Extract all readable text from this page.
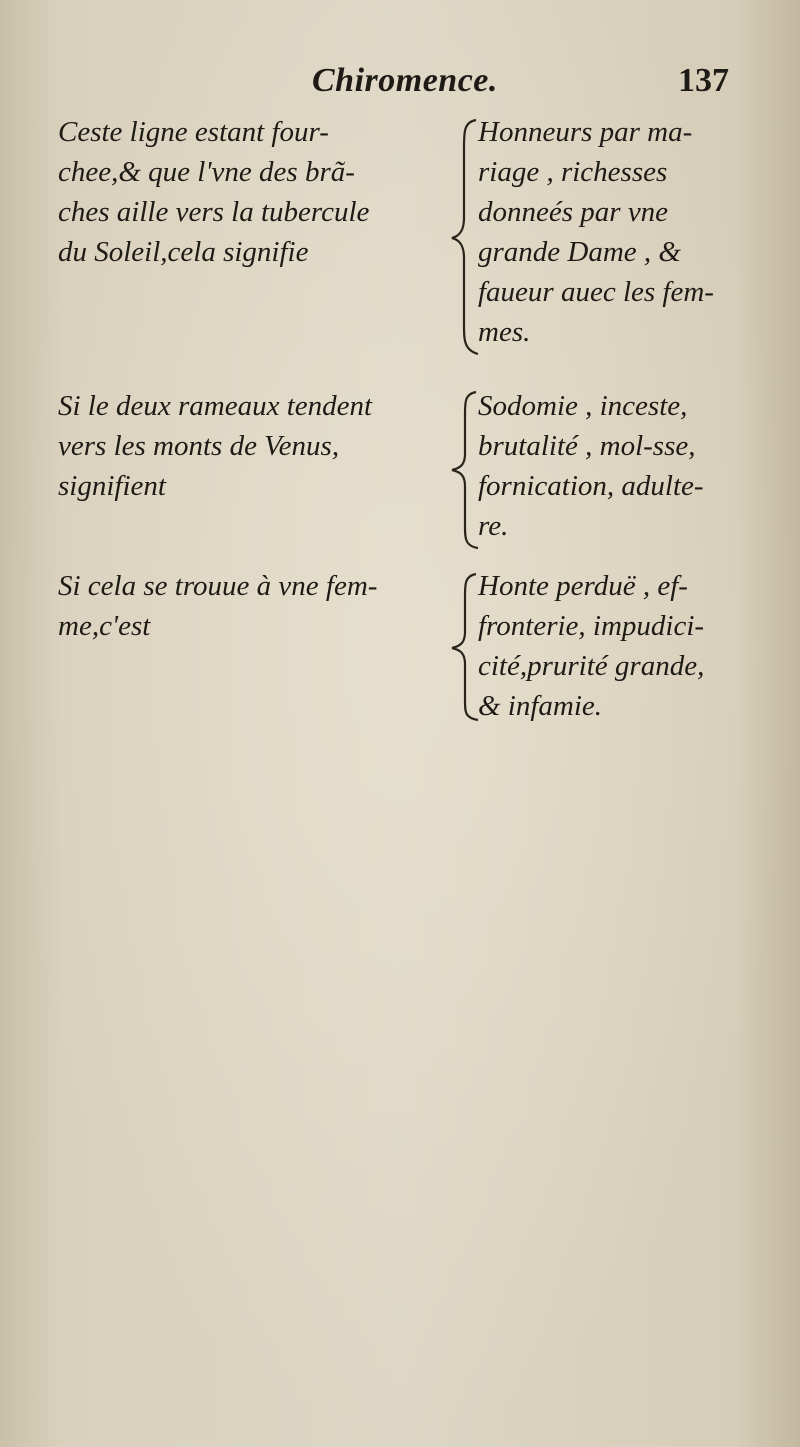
Chiromence.	137
Ceste ligne estant four-
chee,& que l'vne des brã-
ches aille vers la tubercule
du Soleil,cela signifie
Honneurs par ma-
riage , richesses
donneés par vne
grande Dame , &
faueur auec les fem-
mes.
Si le deux rameaux tendent
vers les monts de Venus,
signifient
Sodomie , inceste,
brutalité , mol-sse,
fornication, adulte-
re.
Si cela se trouue à vne fem-
me,c'est
Honte perduë , ef-
fronterie, impudici-
cité,prurité grande,
& infamie.
